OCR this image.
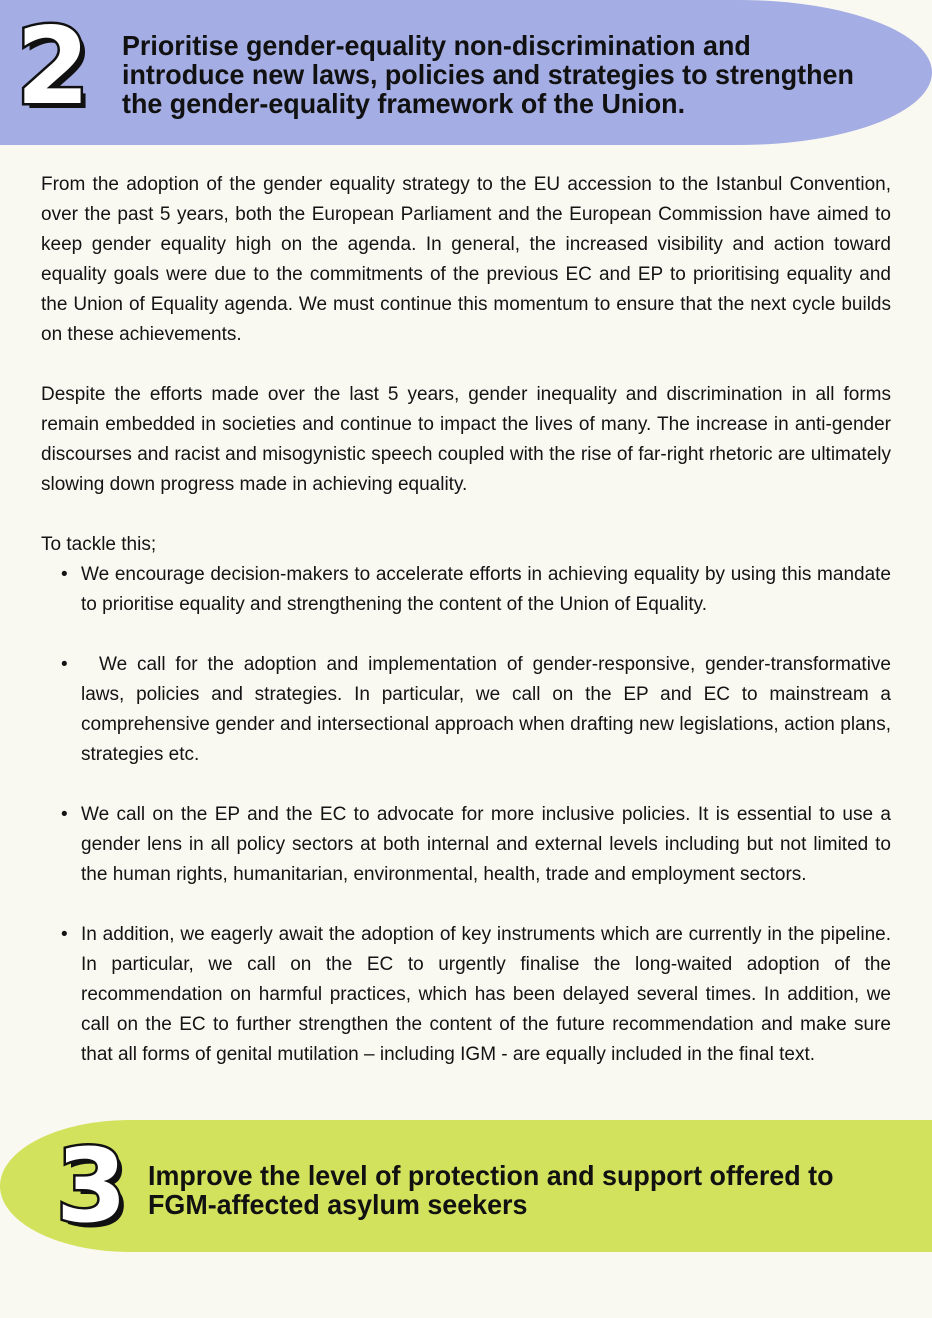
2 Prioritise gender-equality non-discrimination and introduce new laws, policies and strategies to strengthen the gender-equality framework of the Union.

From the adoption of the gender equality strategy to the EU accession to the Istanbul Convention, over the past 5 years, both the European Parliament and the European Commission have aimed to keep gender equality high on the agenda. In general, the increased visibility and action toward equality goals were due to the commitments of the previous EC and EP to prioritising equality and the Union of Equality agenda. We must continue this momentum to ensure that the next cycle builds on these achievements.

Despite the efforts made over the last 5 years, gender inequality and discrimination in all forms remain embedded in societies and continue to impact the lives of many. The increase in anti-gender discourses and racist and misogynistic speech coupled with the rise of far-right rhetoric are ultimately slowing down progress made in achieving equality.

To tackle this;

• We encourage decision-makers to accelerate efforts in achieving equality by using this mandate to prioritise equality and strengthening the content of the Union of Equality.
• We call for the adoption and implementation of gender-responsive, gender-transformative laws, policies and strategies. In particular, we call on the EP and EC to mainstream a comprehensive gender and intersectional approach when drafting new legislations, action plans, strategies etc.
• We call on the EP and the EC to advocate for more inclusive policies. It is essential to use a gender lens in all policy sectors at both internal and external levels including but not limited to the human rights, humanitarian, environmental, health, trade and employment sectors.
• In addition, we eagerly await the adoption of key instruments which are currently in the pipeline. In particular, we call on the EC to urgently finalise the long-waited adoption of the recommendation on harmful practices, which has been delayed several times. In addition, we call on the EC to further strengthen the content of the future recommendation and make sure that all forms of genital mutilation – including IGM - are equally included in the final text.
3 Improve the level of protection and support offered to FGM-affected asylum seekers
